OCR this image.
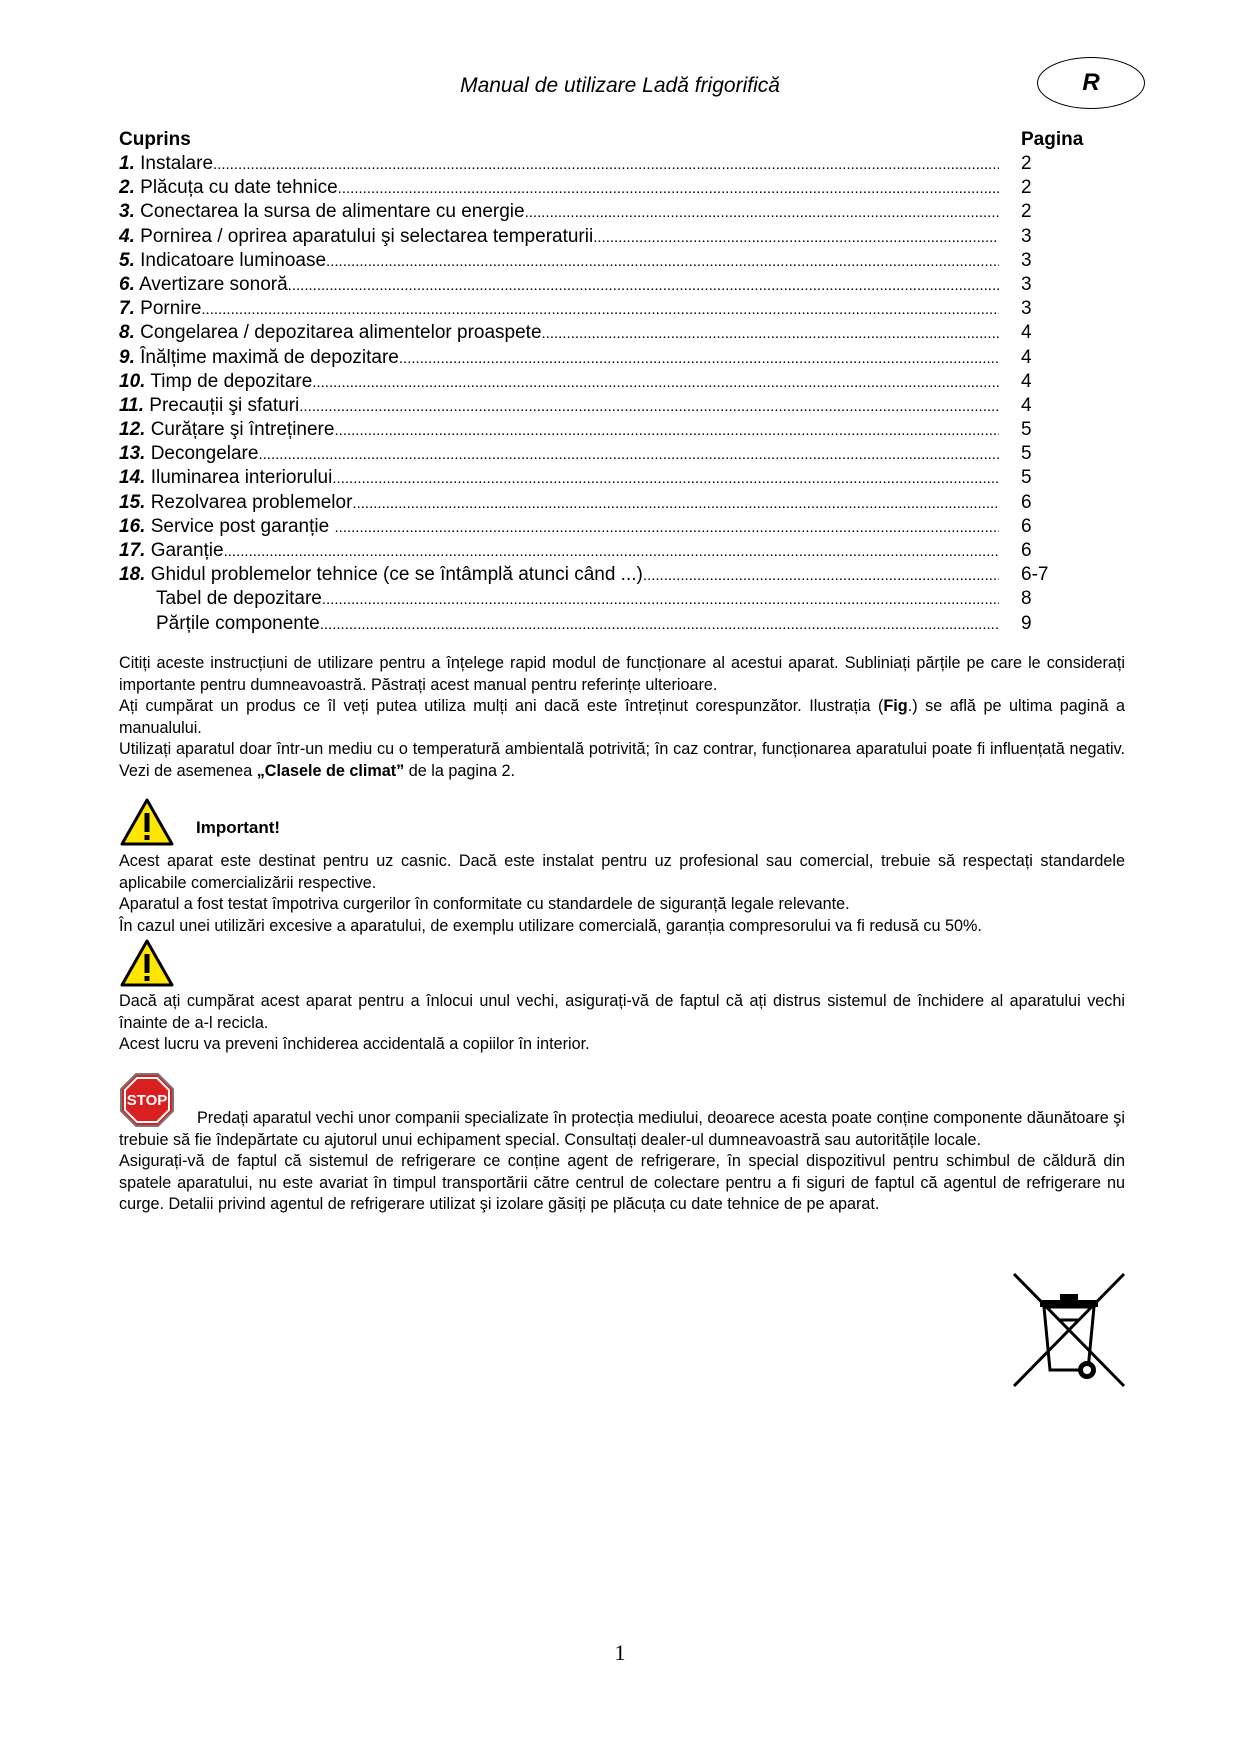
Manual de utilizare Ladă frigorifică	R
Cuprins	Pagina
1. Instalare .....	2
2. Plăcuța cu date tehnice .....	2
3. Conectarea la sursa de alimentare cu energie .....	2
4. Pornirea / oprirea aparatului şi selectarea temperaturii .....	3
5. Indicatoare luminoase .....	3
6. Avertizare sonoră .....	3
7. Pornire .....	3
8. Congelarea / depozitarea alimentelor proaspete .....	4
9. Înălțime maximă de depozitare .....	4
10. Timp de depozitare .....	4
11. Precauții şi sfaturi .....	4
12. Curățare şi întreținere .....	5
13. Decongelare .....	5
14. Iluminarea interiorului .....	5
15. Rezolvarea problemelor .....	6
16. Service post garanție .....	6
17. Garanție .....	6
18. Ghidul problemelor tehnice (ce se întâmplă atunci când ...) .....	6-7
Tabel de depozitare .....	8
Părțile componente .....	9

Citiți aceste instrucțiuni de utilizare pentru a înțelege rapid modul de funcționare al acestui aparat. Subliniați părțile pe care le considerați importante pentru dumneavoastră. Păstrați acest manual pentru referințe ulterioare.

Ați cumpărat un produs ce îl veți putea utiliza mulți ani dacă este întreținut corespunzător. Ilustrația (Fig.) se află pe ultima pagină a manualului.

Utilizați aparatul doar într-un mediu cu o temperatură ambientală potrivită; în caz contrar, funcționarea aparatului poate fi influențată negativ. Vezi de asemenea „Clasele de climat” de la pagina 2.

Important!

Acest aparat este destinat pentru uz casnic. Dacă este instalat pentru uz profesional sau comercial, trebuie să respectați standardele aplicabile comercializării respective.

Aparatul a fost testat împotriva curgerilor în conformitate cu standardele de siguranță legale relevante.

În cazul unei utilizări excesive a aparatului, de exemplu utilizare comercială, garanția compresorului va fi redusă cu 50%.

Dacă ați cumpărat acest aparat pentru a înlocui unul vechi, asigurați-vă de faptul că ați distrus sistemul de închidere al aparatului vechi înainte de a-l recicla.

Acest lucru va preveni închiderea accidentală a copiilor în interior.

STOP

Predați aparatul vechi unor companii specializate în protecția mediului, deoarece acesta poate conține componente dăunătoare şi trebuie să fie îndepărtate cu ajutorul unui echipament special. Consultați dealer-ul dumneavoastră sau autoritățile locale.

Asigurați-vă de faptul că sistemul de refrigerare ce conține agent de refrigerare, în special dispozitivul pentru schimbul de căldură din spatele aparatului, nu este avariat în timpul transportării către centrul de colectare pentru a fi siguri de faptul că agentul de refrigerare nu curge. Detalii privind agentul de refrigerare utilizat şi izolare găsiți pe plăcuța cu date tehnice de pe aparat.

1
